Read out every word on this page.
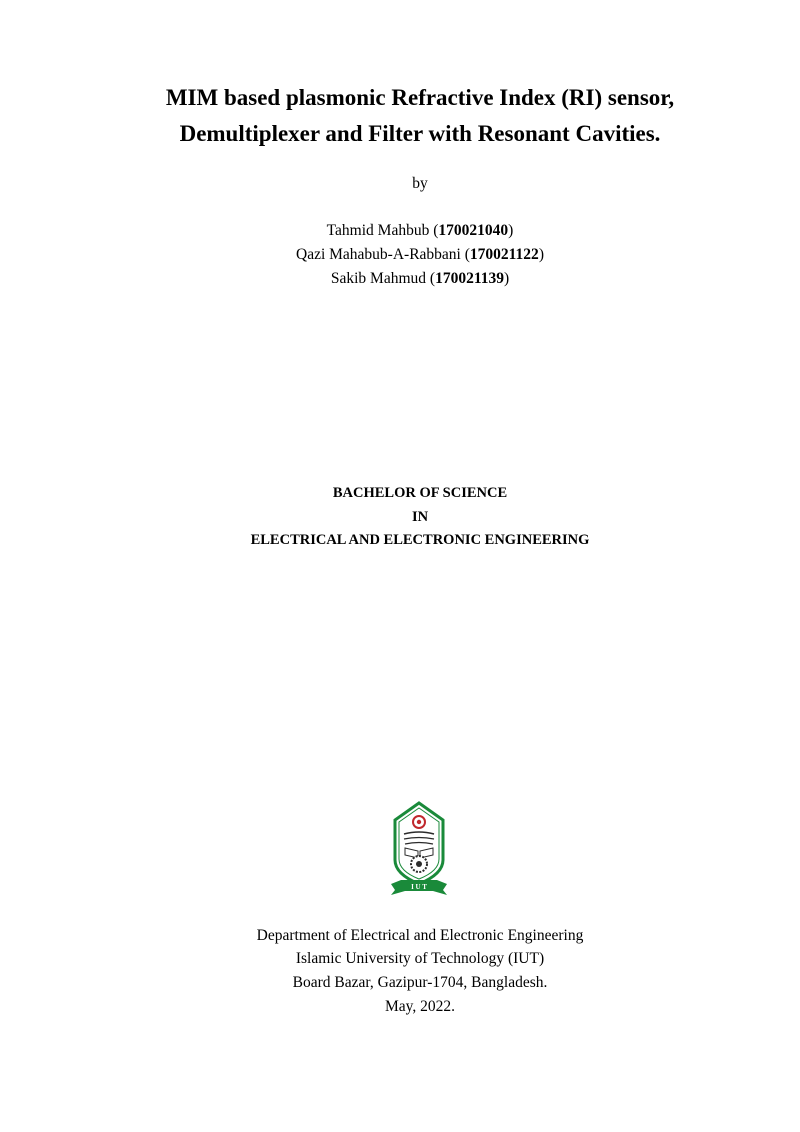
MIM based plasmonic Refractive Index (RI) sensor,
Demultiplexer and Filter with Resonant Cavities.
by
Tahmid Mahbub (170021040)
Qazi Mahabub-A-Rabbani (170021122)
Sakib Mahmud (170021139)
BACHELOR OF SCIENCE
IN
ELECTRICAL AND ELECTRONIC ENGINEERING
I U T
Department of Electrical and Electronic Engineering
Islamic University of Technology (IUT)
Board Bazar, Gazipur-1704, Bangladesh.
May, 2022.
